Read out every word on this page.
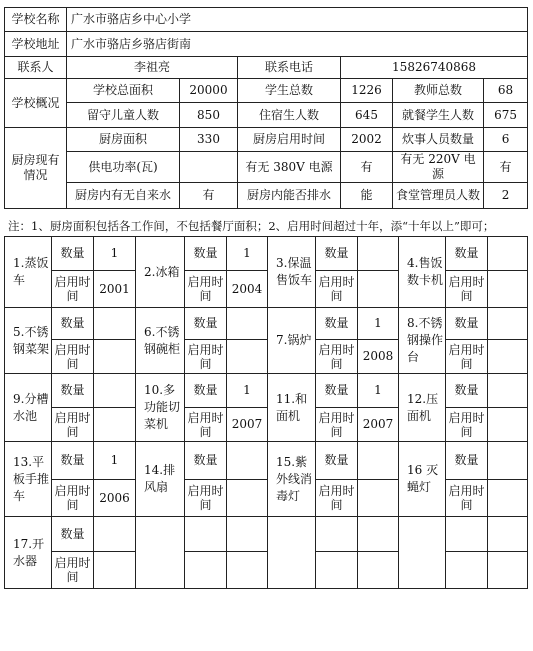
学校名称	广水市骆店乡中心小学					
学校地址	广水市骆店乡骆店街南					
联系人	李祖亮		联系电话	15826740868		
学校概况	学校总面积	20000	学生总数	1226	教师总数	68
	留守儿童人数	850	住宿生人数	645	就餐学生人数	675
厨房现有情况	厨房面积	330	厨房启用时间	2002	炊事人员数量	6
	供电功率(瓦)		有无 380V 电源	有	有无 220V 电源	有
	厨房内有无自来水	有	厨房内能否排水	能	食堂管理员人数	2
注：1、厨房面积包括各工作间，不包括餐厅面积；2、启用时间超过十年，添“十年以上”即可；
1.蒸饭车	数量	1	2.冰箱	数量	1	3.保温售饭车	数量		4.售饭数卡机	数量	
	启用时间	2001		启用时间	2004		启用时间			启用时间	
5.不锈钢菜架	数量		6.不锈钢碗柜	数量		7.锅炉	数量	1	8.不锈钢操作台	数量	
	启用时间			启用时间			启用时间	2008		启用时间	
9.分槽水池	数量		10.多功能切菜机	数量	1	11.和面机	数量	1	12.压面机	数量	
	启用时间			启用时间	2007		启用时间	2007		启用时间	
13.平板手推车	数量	1	14.排风扇	数量		15.紫外线消毒灯	数量		16 灭蝇灯	数量	
	启用时间	2006		启用时间			启用时间			启用时间	
17.开水器	数量										
	启用时间										
